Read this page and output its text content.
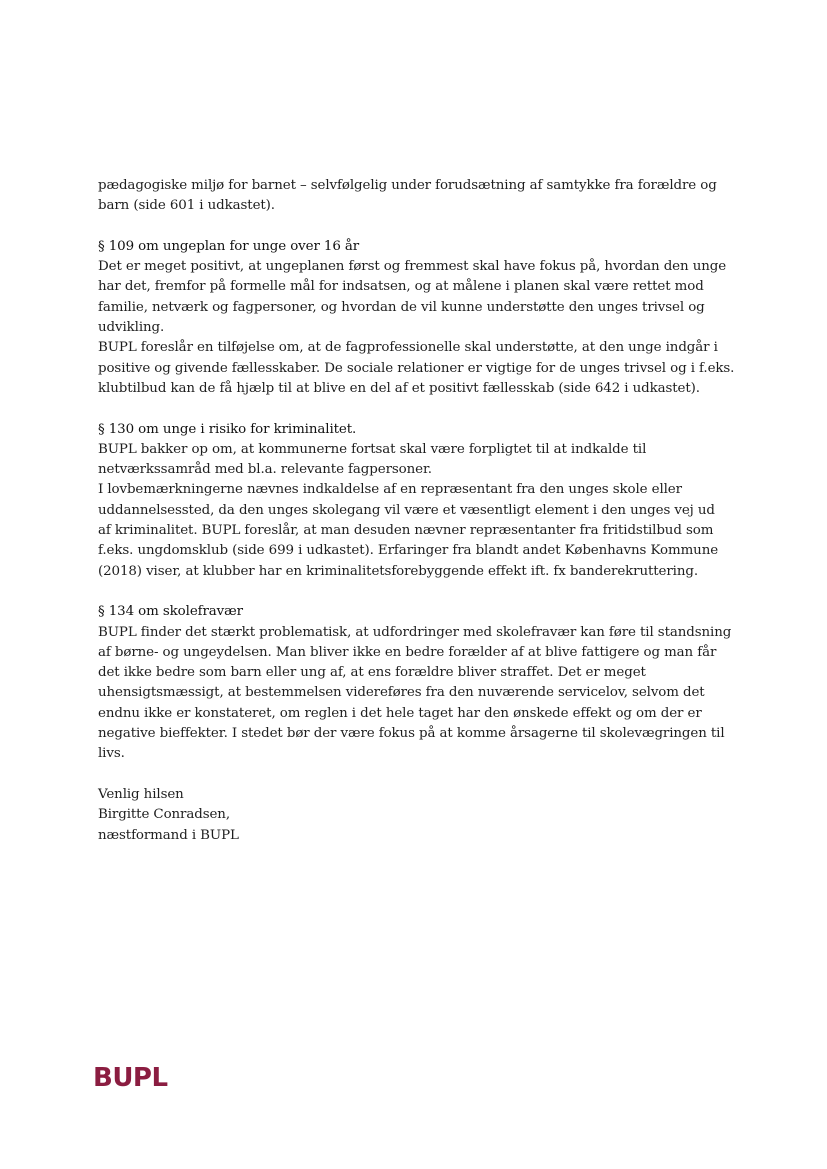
pædagogiske miljø for barnet – selvfølgelig under forudsætning af samtykke fra forældre og
barn (side 601 i udkastet).
§ 109 om ungeplan for unge over 16 år
Det er meget positivt, at ungeplanen først og fremmest skal have fokus på, hvordan den unge
har det, fremfor på formelle mål for indsatsen, og at målene i planen skal være rettet mod
familie, netværk og fagpersoner, og hvordan de vil kunne understøtte den unges trivsel og
udvikling.
BUPL foreslår en tilføjelse om, at de fagprofessionelle skal understøtte, at den unge indgår i
positive og givende fællesskaber. De sociale relationer er vigtige for de unges trivsel og i f.eks.
klubtilbud kan de få hjælp til at blive en del af et positivt fællesskab (side 642 i udkastet).
§ 130 om unge i risiko for kriminalitet.
BUPL bakker op om, at kommunerne fortsat skal være forpligtet til at indkalde til
netværkssamråd med bl.a. relevante fagpersoner.
I lovbemærkningerne nævnes indkaldelse af en repræsentant fra den unges skole eller
uddannelsessted, da den unges skolegang vil være et væsentligt element i den unges vej ud
af kriminalitet. BUPL foreslår, at man desuden nævner repræsentanter fra fritidstilbud som
f.eks. ungdomsklub (side 699 i udkastet). Erfaringer fra blandt andet Københavns Kommune
(2018) viser, at klubber har en kriminalitetsforebyggende effekt ift. fx banderekruttering.
§ 134 om skolefravær
BUPL finder det stærkt problematisk, at udfordringer med skolefravær kan føre til standsning
af børne- og ungeydelsen. Man bliver ikke en bedre forælder af at blive fattigere og man får
det ikke bedre som barn eller ung af, at ens forældre bliver straffet. Det er meget
uhensigtsmæssigt, at bestemmelsen videreføres fra den nuværende servicelov, selvom det
endnu ikke er konstateret, om reglen i det hele taget har den ønskede effekt og om der er
negative bieffekter. I stedet bør der være fokus på at komme årsagerne til skolevægringen til
livs.
Venlig hilsen
Birgitte Conradsen,
næstformand i BUPL
BUPL
